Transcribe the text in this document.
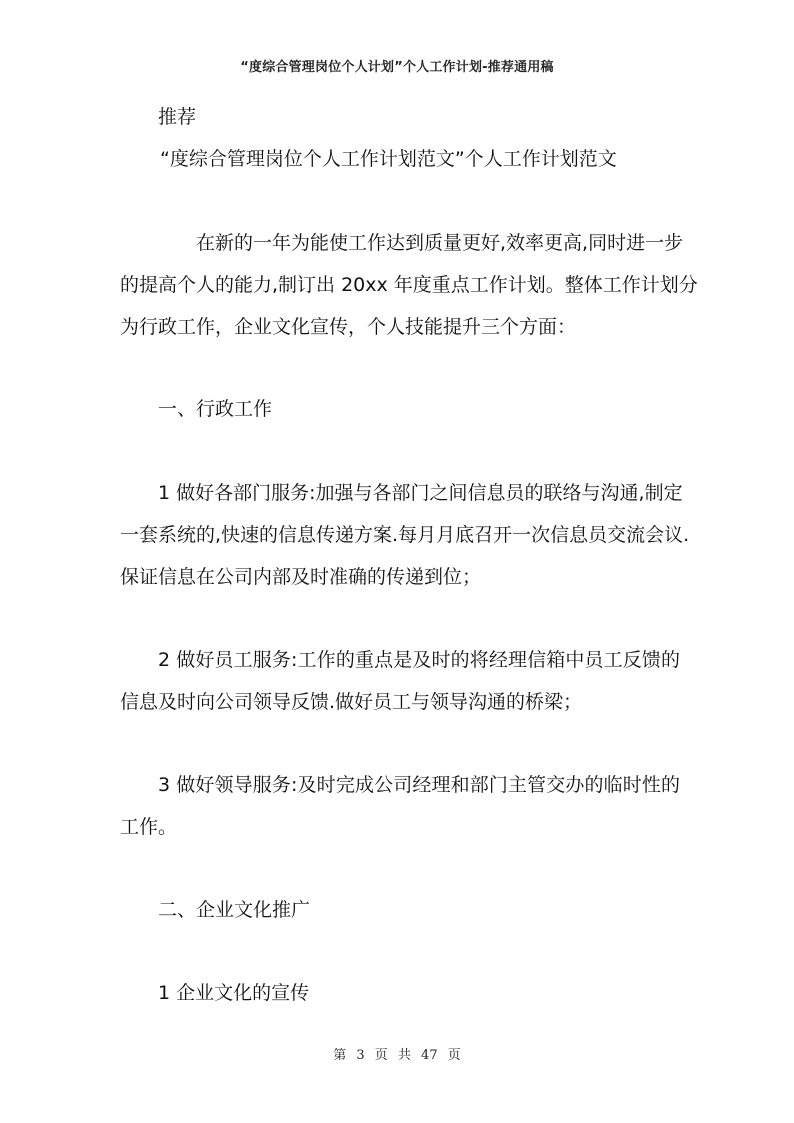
“度综合管理岗位个人计划”个人工作计划-推荐通用稿
推荐
“度综合管理岗位个人工作计划范文”个人工作计划范文
在新的一年为能使工作达到质量更好,效率更高,同时进一步
的提高个人的能力,制订出 20xx 年度重点工作计划。整体工作计划分
为行政工作，企业文化宣传，个人技能提升三个方面：
一、行政工作
1 做好各部门服务:加强与各部门之间信息员的联络与沟通,制定
一套系统的,快速的信息传递方案.每月月底召开一次信息员交流会议.
保证信息在公司内部及时准确的传递到位；
2 做好员工服务:工作的重点是及时的将经理信箱中员工反馈的
信息及时向公司领导反馈.做好员工与领导沟通的桥梁；
3 做好领导服务:及时完成公司经理和部门主管交办的临时性的
工作。
二、企业文化推广
1 企业文化的宣传
第 3 页 共 47 页
